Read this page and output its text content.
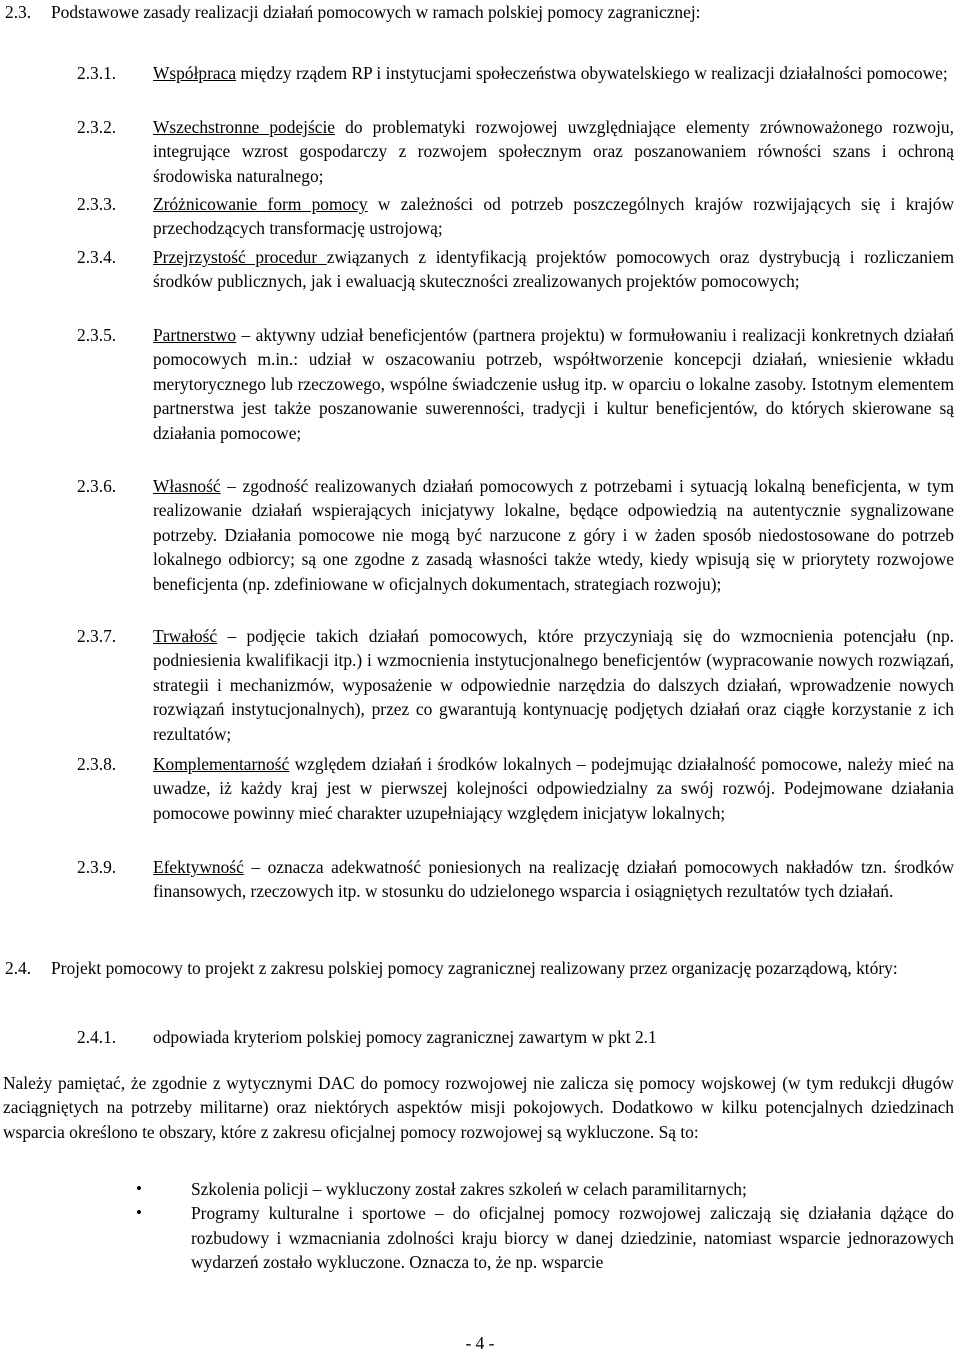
2.3.	Podstawowe zasady realizacji działań pomocowych w ramach polskiej pomocy zagranicznej:
2.3.1.	Współpraca między rządem RP i instytucjami społeczeństwa obywatelskiego w realizacji działalności pomocowe;
2.3.2.	Wszechstronne podejście do problematyki rozwojowej uwzględniające elementy zrównoważonego rozwoju, integrujące wzrost gospodarczy z rozwojem społecznym oraz poszanowaniem równości szans i ochroną środowiska naturalnego;
2.3.3.	Zróżnicowanie form pomocy w zależności od potrzeb poszczególnych krajów rozwijających się i krajów przechodzących transformację ustrojową;
2.3.4.	Przejrzystość procedur związanych z identyfikacją projektów pomocowych oraz dystrybucją i rozliczaniem środków publicznych, jak i ewaluacją skuteczności zrealizowanych projektów pomocowych;
2.3.5.	Partnerstwo – aktywny udział beneficjentów (partnera projektu) w formułowaniu i realizacji konkretnych działań pomocowych m.in.: udział w oszacowaniu potrzeb, współtworzenie koncepcji działań, wniesienie wkładu merytorycznego lub rzeczowego, wspólne świadczenie usług itp. w oparciu o lokalne zasoby. Istotnym elementem partnerstwa jest także poszanowanie suwerenności, tradycji i kultur beneficjentów, do których skierowane są działania pomocowe;
2.3.6.	Własność – zgodność realizowanych działań pomocowych z potrzebami i sytuacją lokalną beneficjenta, w tym realizowanie działań wspierających inicjatywy lokalne, będące odpowiedzią na autentycznie sygnalizowane potrzeby. Działania pomocowe nie mogą być narzucone z góry i w żaden sposób niedostosowane do potrzeb lokalnego odbiorcy; są one zgodne z zasadą własności także wtedy, kiedy wpisują się w priorytety rozwojowe beneficjenta (np. zdefiniowane w oficjalnych dokumentach, strategiach rozwoju);
2.3.7.	Trwałość – podjęcie takich działań pomocowych, które przyczyniają się do wzmocnienia potencjału (np. podniesienia kwalifikacji itp.) i wzmocnienia instytucjonalnego beneficjentów (wypracowanie nowych rozwiązań, strategii i mechanizmów, wyposażenie w odpowiednie narzędzia do dalszych działań, wprowadzenie nowych rozwiązań instytucjonalnych), przez co gwarantują kontynuację podjętych działań oraz ciągłe korzystanie z ich rezultatów;
2.3.8.	Komplementarność względem działań i środków lokalnych – podejmując działalność pomocowe, należy mieć na uwadze, iż każdy kraj jest w pierwszej kolejności odpowiedzialny za swój rozwój. Podejmowane działania pomocowe powinny mieć charakter uzupełniający względem inicjatyw lokalnych;
2.3.9.	Efektywność – oznacza adekwatność poniesionych na realizację działań pomocowych nakładów tzn. środków finansowych, rzeczowych itp. w stosunku do udzielonego wsparcia i osiągniętych rezultatów tych działań.
2.4.	Projekt pomocowy to projekt z zakresu polskiej pomocy zagranicznej realizowany przez organizację pozarządową, który:
2.4.1.	odpowiada kryteriom polskiej pomocy zagranicznej zawartym w pkt 2.1
Należy pamiętać, że zgodnie z wytycznymi DAC do pomocy rozwojowej nie zalicza się pomocy wojskowej (w tym redukcji długów zaciągniętych na potrzeby militarne) oraz niektórych aspektów misji pokojowych. Dodatkowo w kilku potencjalnych dziedzinach wsparcia określono te obszary, które z zakresu oficjalnej pomocy rozwojowej są wykluczone. Są to:
•	Szkolenia policji – wykluczony został zakres szkoleń w celach paramilitarnych;
•	Programy kulturalne i sportowe – do oficjalnej pomocy rozwojowej zaliczają się działania dążące do rozbudowy i wzmacniania zdolności kraju biorcy w danej dziedzinie, natomiast wsparcie jednorazowych wydarzeń zostało wykluczone. Oznacza to, że np. wsparcie
- 4 -
